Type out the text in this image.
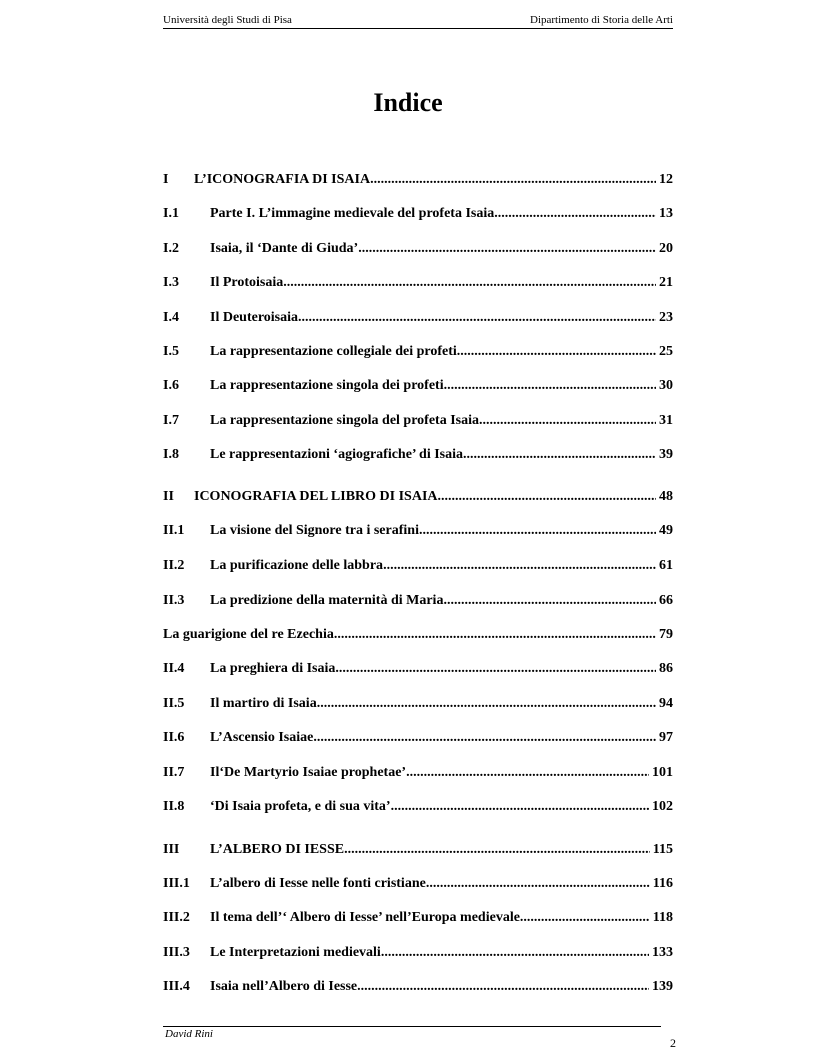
Università degli Studi di Pisa	Dipartimento di Storia delle Arti
Indice
I	L’ICONOGRAFIA DI ISAIA .....	12
I.1	Parte I. L’immagine medievale del profeta Isaia .....	13
I.2	Isaia, il ‘Dante di Giuda’ .....	20
I.3	Il Protoisaia .....	21
I.4	Il Deuteroisaia .....	23
I.5	La rappresentazione collegiale dei profeti .....	25
I.6	La rappresentazione singola dei profeti .....	30
I.7	La rappresentazione singola del profeta Isaia .....	31
I.8	Le rappresentazioni ‘agiografiche’ di Isaia .....	39
II	ICONOGRAFIA DEL LIBRO DI ISAIA .....	48
II.1	La visione del Signore tra i serafini .....	49
II.2	La purificazione delle labbra .....	61
II.3	La predizione della maternità di Maria .....	66
La guarigione del re Ezechia .....	79
II.4	La preghiera di Isaia .....	86
II.5	Il martiro di Isaia .....	94
II.6	L’Ascensio Isaiae .....	97
II.7	Il‘De Martyrio Isaiae prophetae’ .....	101
II.8	‘Di Isaia profeta, e di sua vita’ .....	102
III	L’ALBERO DI IESSE .....	115
III.1	L’albero di Iesse nelle fonti cristiane .....	116
III.2	Il tema dell’‘ Albero di Iesse’ nell’Europa medievale .....	118
III.3	Le Interpretazioni medievali .....	133
III.4	Isaia nell’Albero di Iesse .....	139
David Rini
2
